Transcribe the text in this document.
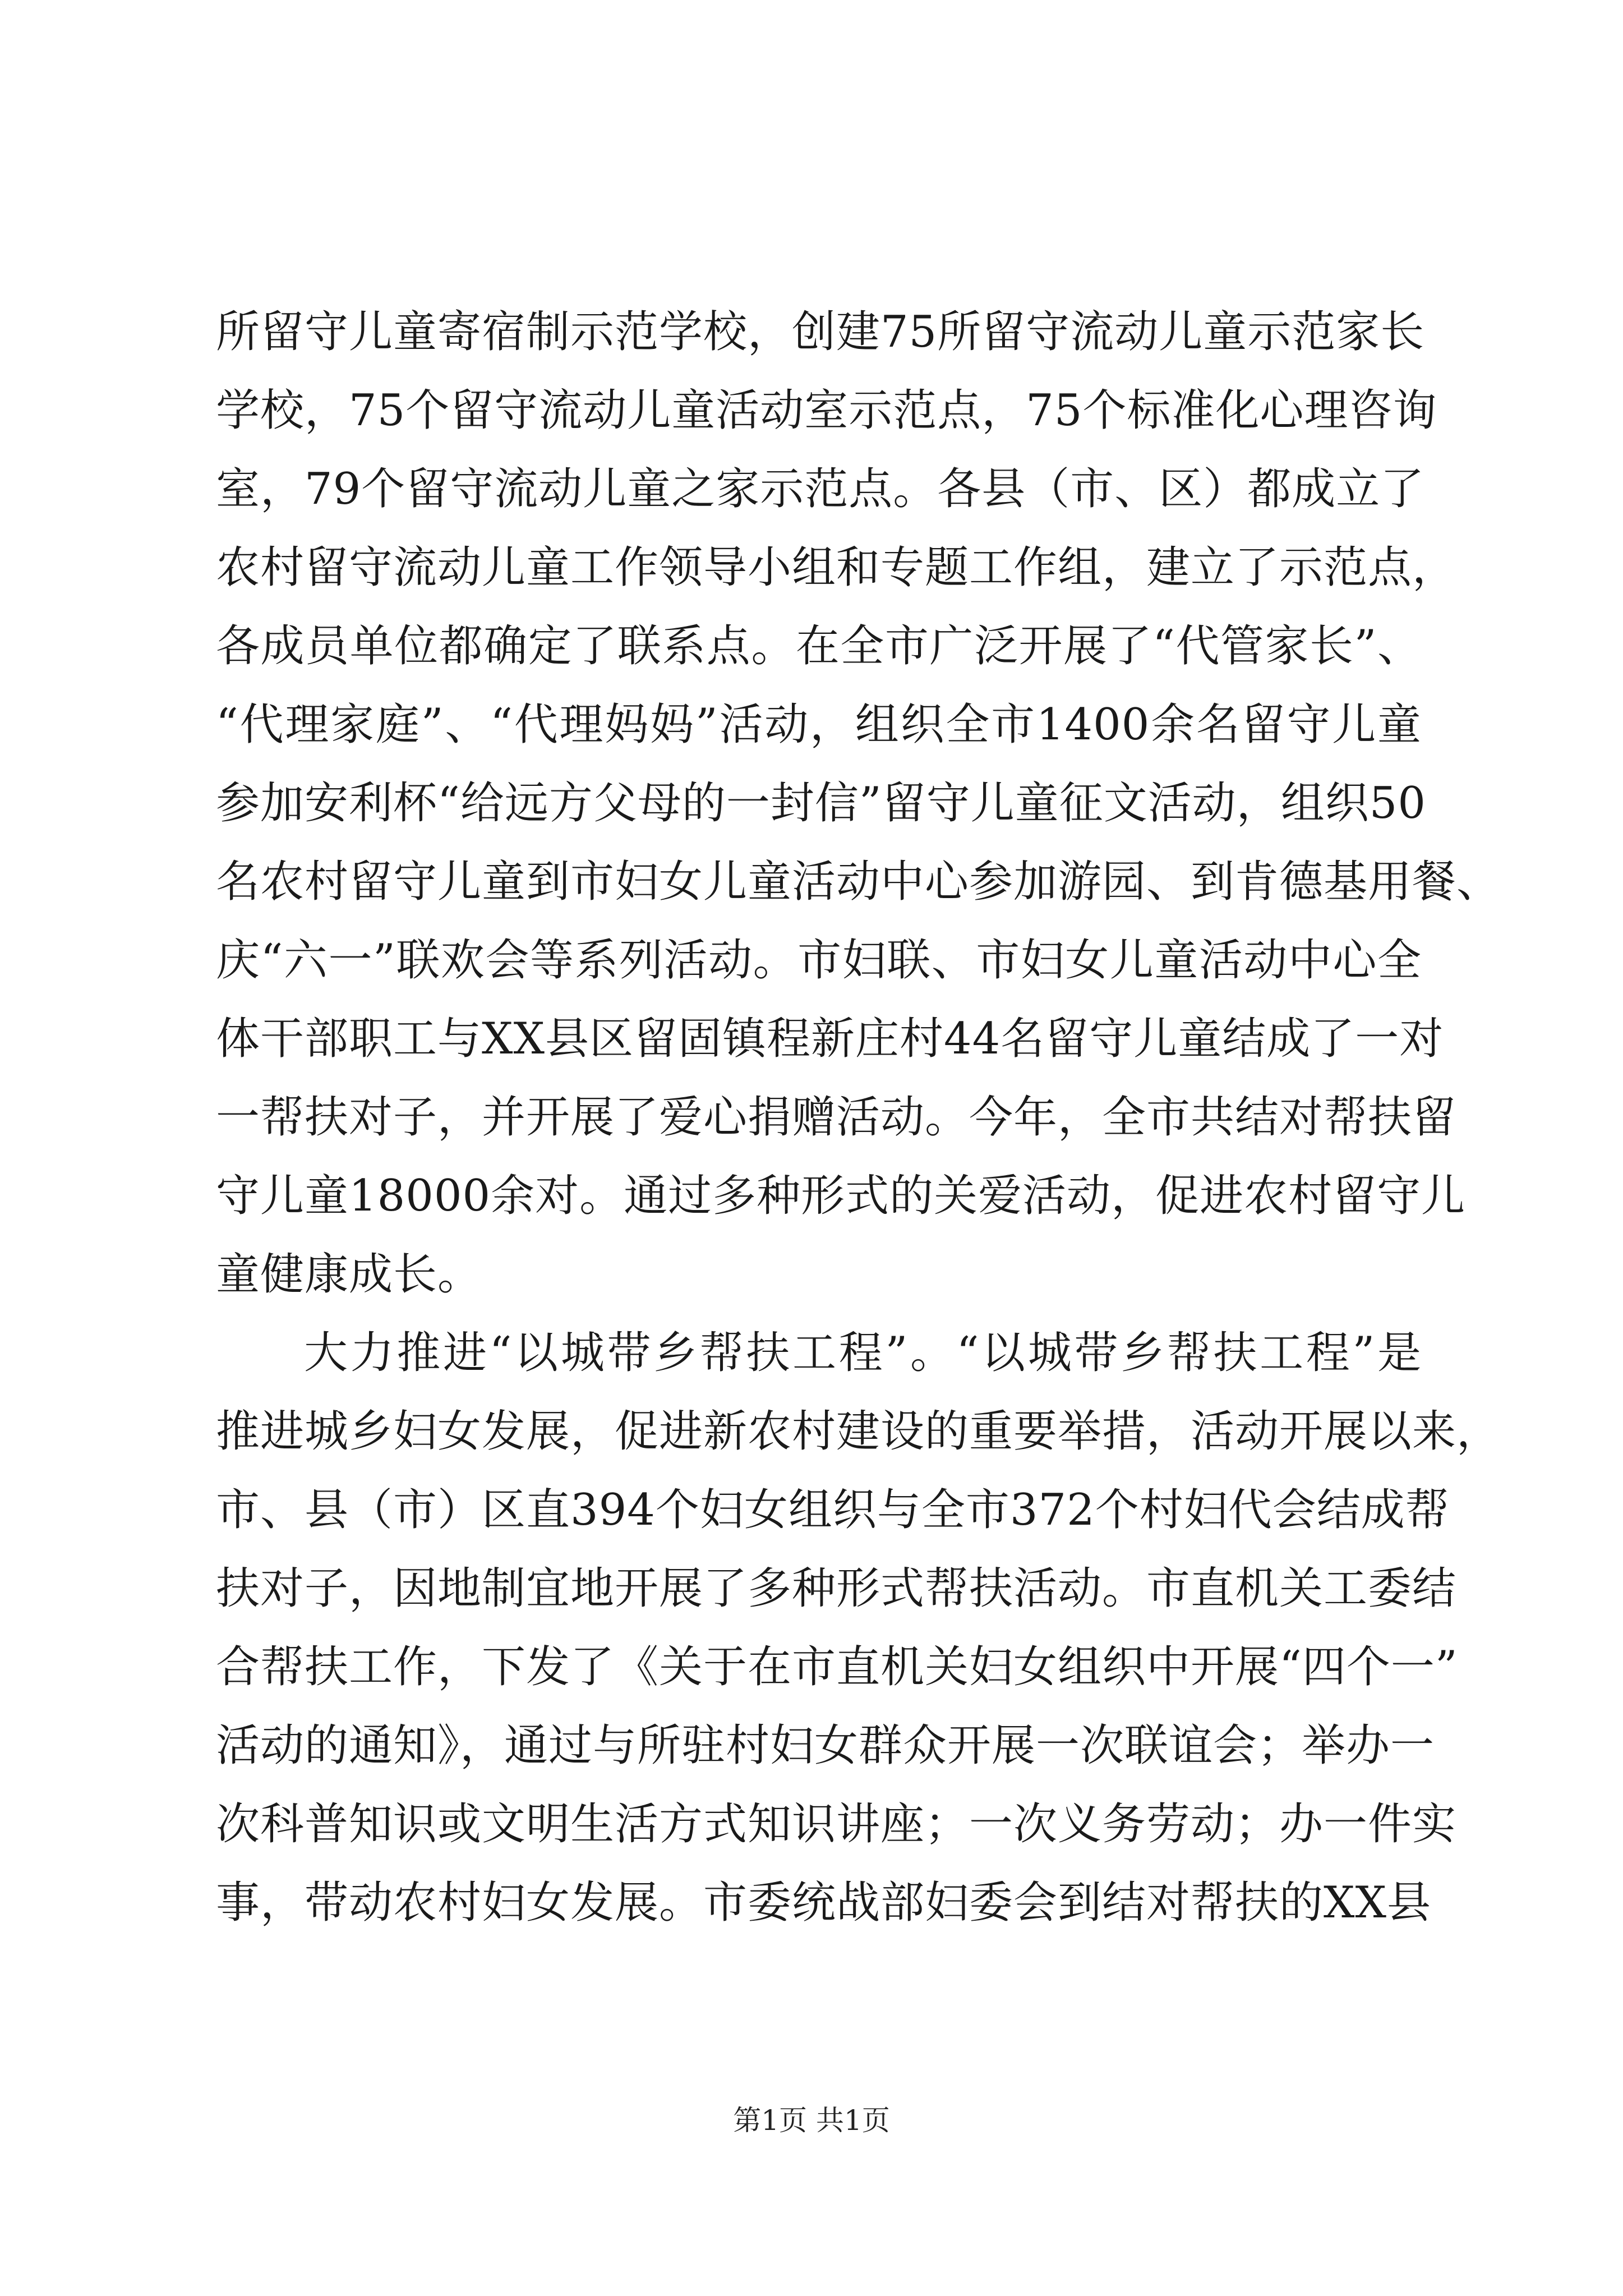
所留守儿童寄宿制示范学校，创建75所留守流动儿童示范家长
学校，75个留守流动儿童活动室示范点，75个标准化心理咨询
室，79个留守流动儿童之家示范点。各县（市、区）都成立了
农村留守流动儿童工作领导小组和专题工作组，建立了示范点，
各成员单位都确定了联系点。在全市广泛开展了“代管家长”、
“代理家庭”、“代理妈妈”活动，组织全市1400余名留守儿童
参加安利杯“给远方父母的一封信”留守儿童征文活动，组织50
名农村留守儿童到市妇女儿童活动中心参加游园、到肯德基用餐、
庆“六一”联欢会等系列活动。市妇联、市妇女儿童活动中心全
体干部职工与XX县区留固镇程新庄村44名留守儿童结成了一对
一帮扶对子，并开展了爱心捐赠活动。今年，全市共结对帮扶留
守儿童18000余对。通过多种形式的关爱活动，促进农村留守儿
童健康成长。
大力推进“以城带乡帮扶工程”。“以城带乡帮扶工程”是
推进城乡妇女发展，促进新农村建设的重要举措，活动开展以来，
市、县（市）区直394个妇女组织与全市372个村妇代会结成帮
扶对子，因地制宜地开展了多种形式帮扶活动。市直机关工委结
合帮扶工作，下发了《关于在市直机关妇女组织中开展“四个一”
活动的通知》，通过与所驻村妇女群众开展一次联谊会；举办一
次科普知识或文明生活方式知识讲座；一次义务劳动；办一件实
事，带动农村妇女发展。市委统战部妇委会到结对帮扶的XX县
第1页 共1页
